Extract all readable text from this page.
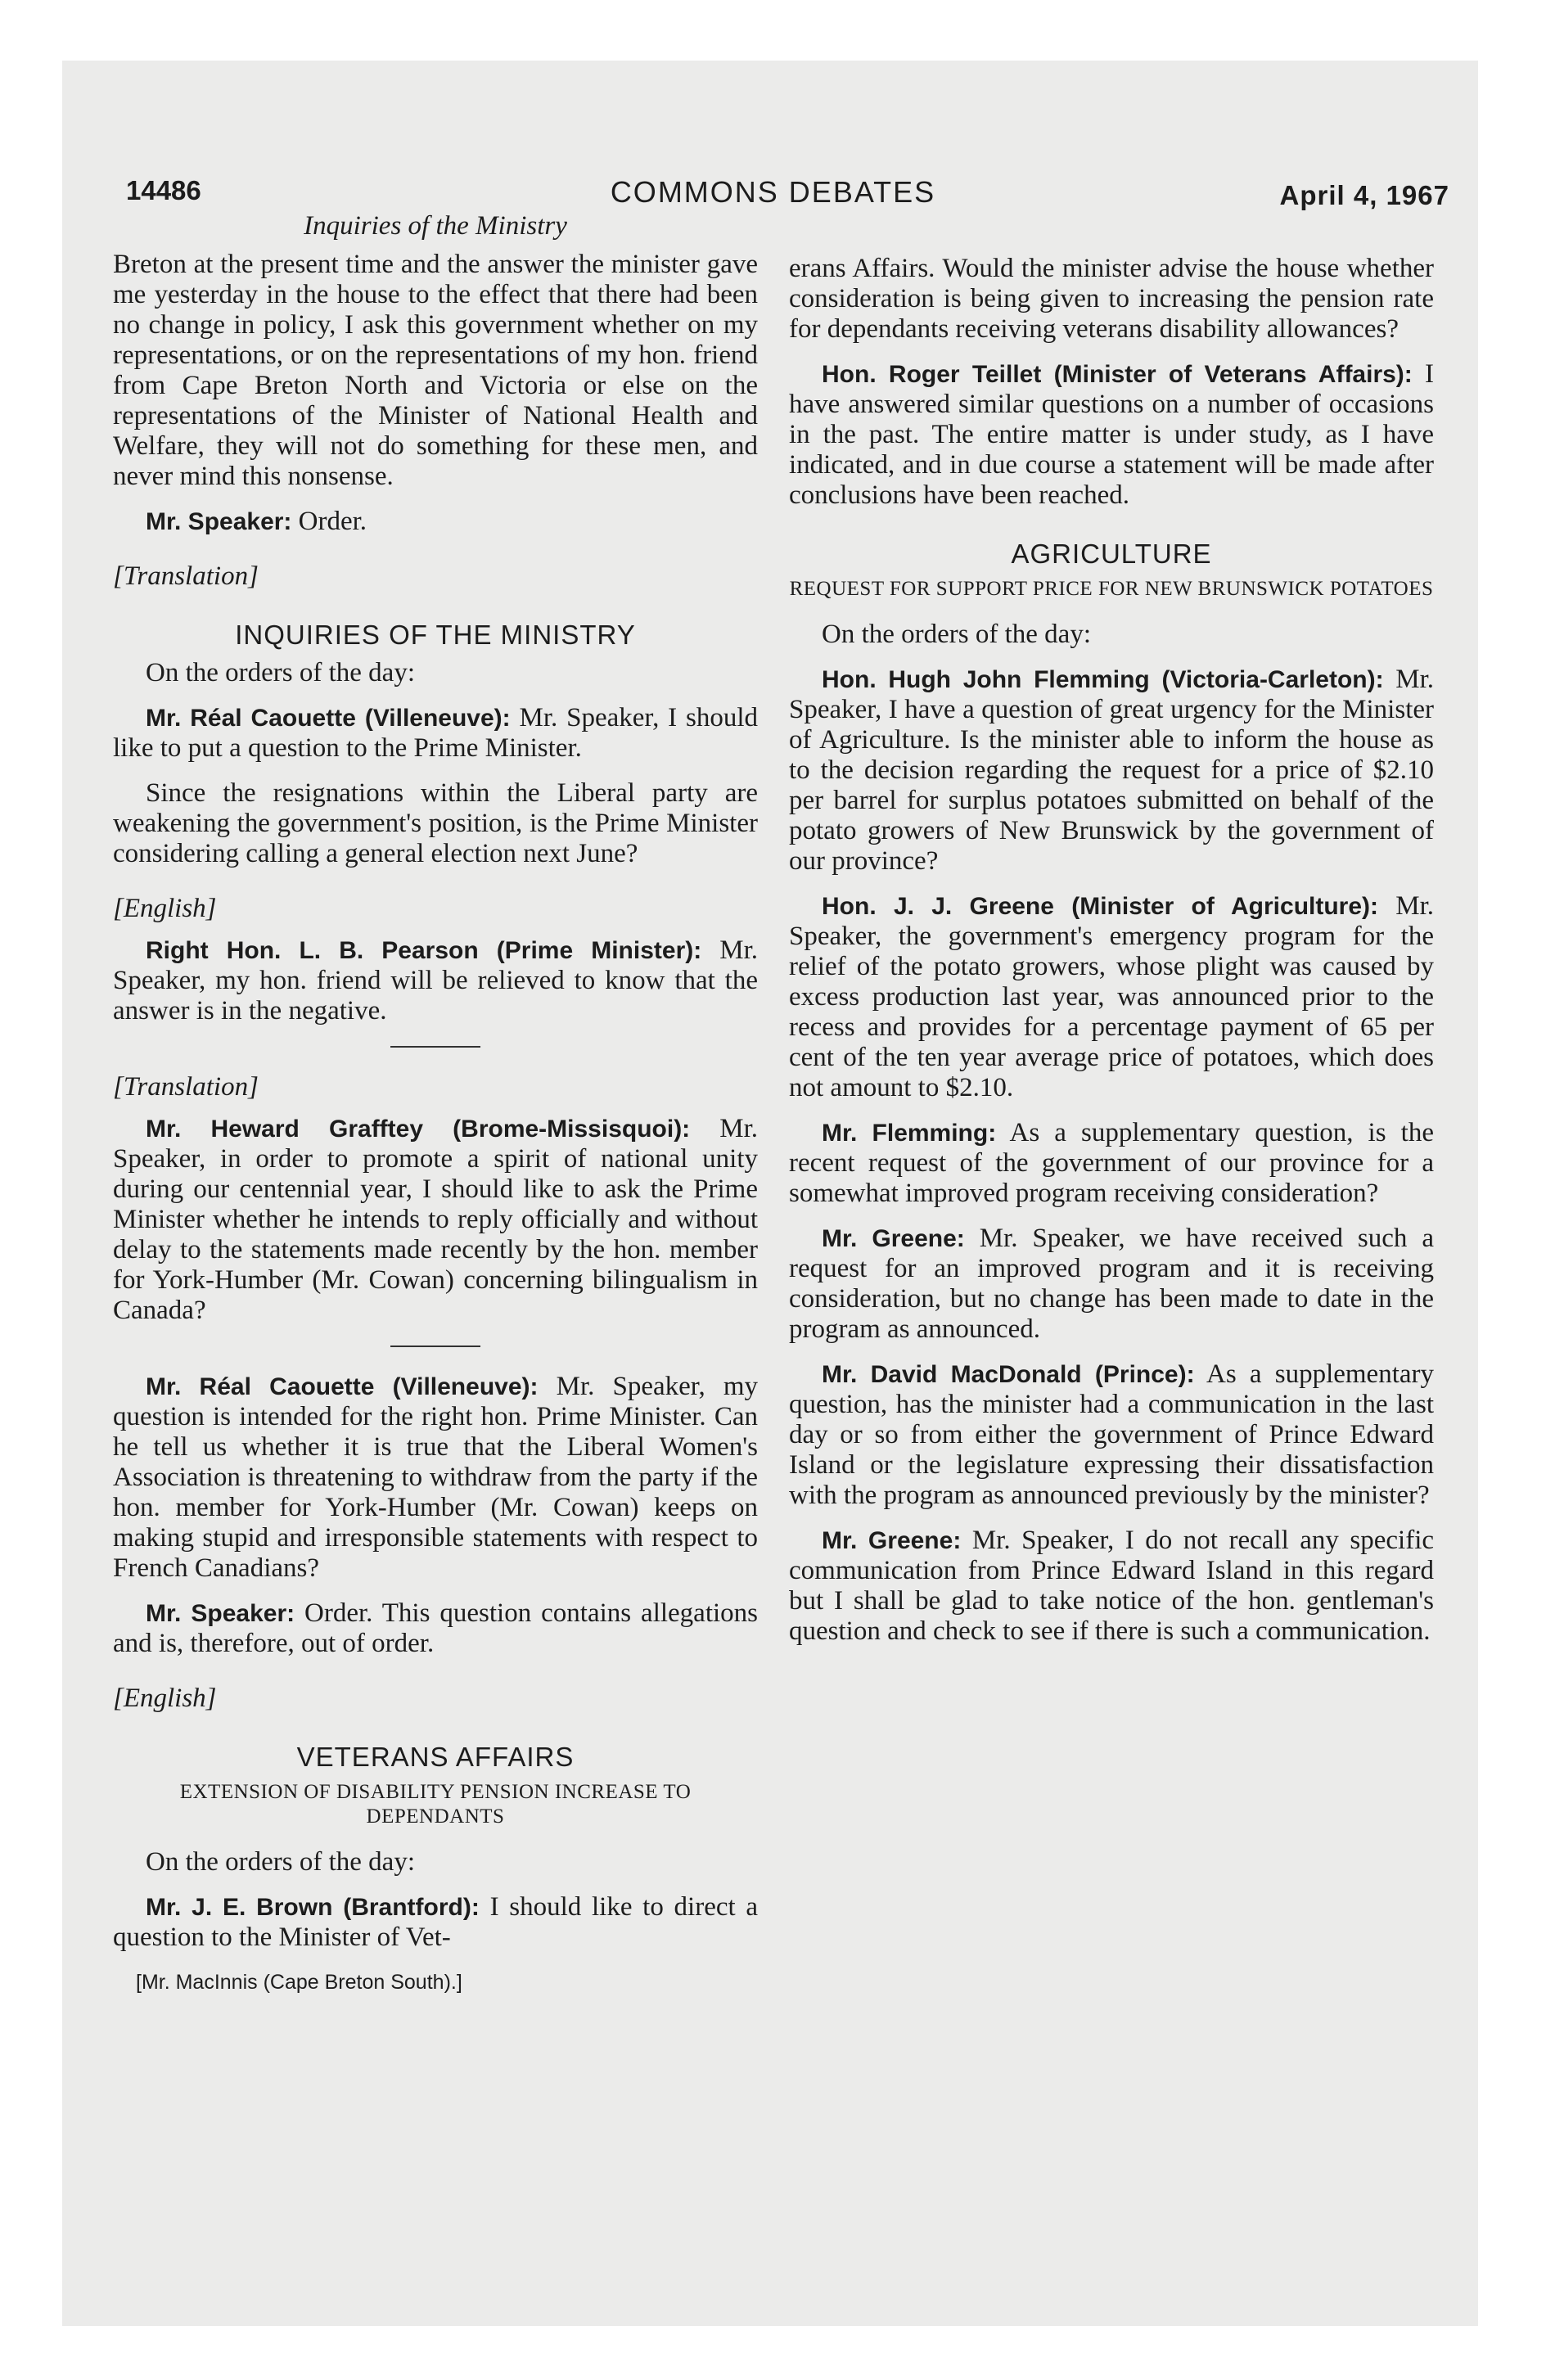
14486	COMMONS DEBATES	April 4, 1967
Inquiries of the Ministry

Breton at the present time and the answer the minister gave me yesterday in the house to the effect that there had been no change in policy, I ask this government whether on my representations, or on the representations of my hon. friend from Cape Breton North and Victoria or else on the representations of the Minister of National Health and Welfare, they will not do something for these men, and never mind this nonsense.

Mr. Speaker: Order.

[Translation]
INQUIRIES OF THE MINISTRY

On the orders of the day:

Mr. Réal Caouette (Villeneuve): Mr. Speaker, I should like to put a question to the Prime Minister.

Since the resignations within the Liberal party are weakening the government's position, is the Prime Minister considering calling a general election next June?

[English]

Right Hon. L. B. Pearson (Prime Minister): Mr. Speaker, my hon. friend will be relieved to know that the answer is in the negative.

[Translation]

Mr. Heward Grafftey (Brome-Missisquoi): Mr. Speaker, in order to promote a spirit of national unity during our centennial year, I should like to ask the Prime Minister whether he intends to reply officially and without delay to the statements made recently by the hon. member for York-Humber (Mr. Cowan) concerning bilingualism in Canada?

Mr. Réal Caouette (Villeneuve): Mr. Speaker, my question is intended for the right hon. Prime Minister. Can he tell us whether it is true that the Liberal Women's Association is threatening to withdraw from the party if the hon. member for York-Humber (Mr. Cowan) keeps on making stupid and irresponsible statements with respect to French Canadians?

Mr. Speaker: Order. This question contains allegations and is, therefore, out of order.

[English]
VETERANS AFFAIRS
EXTENSION OF DISABILITY PENSION INCREASE TO DEPENDANTS

On the orders of the day:

Mr. J. E. Brown (Brantford): I should like to direct a question to the Minister of Vet-

[Mr. MacInnis (Cape Breton South).]

erans Affairs. Would the minister advise the house whether consideration is being given to increasing the pension rate for dependants receiving veterans disability allowances?

Hon. Roger Teillet (Minister of Veterans Affairs): I have answered similar questions on a number of occasions in the past. The entire matter is under study, as I have indicated, and in due course a statement will be made after conclusions have been reached.

AGRICULTURE
REQUEST FOR SUPPORT PRICE FOR NEW BRUNSWICK POTATOES

On the orders of the day:

Hon. Hugh John Flemming (Victoria-Carleton): Mr. Speaker, I have a question of great urgency for the Minister of Agriculture. Is the minister able to inform the house as to the decision regarding the request for a price of $2.10 per barrel for surplus potatoes submitted on behalf of the potato growers of New Brunswick by the government of our province?

Hon. J. J. Greene (Minister of Agriculture): Mr. Speaker, the government's emergency program for the relief of the potato growers, whose plight was caused by excess production last year, was announced prior to the recess and provides for a percentage payment of 65 per cent of the ten year average price of potatoes, which does not amount to $2.10.

Mr. Flemming: As a supplementary question, is the recent request of the government of our province for a somewhat improved program receiving consideration?

Mr. Greene: Mr. Speaker, we have received such a request for an improved program and it is receiving consideration, but no change has been made to date in the program as announced.

Mr. David MacDonald (Prince): As a supplementary question, has the minister had a communication in the last day or so from either the government of Prince Edward Island or the legislature expressing their dissatisfaction with the program as announced previously by the minister?

Mr. Greene: Mr. Speaker, I do not recall any specific communication from Prince Edward Island in this regard but I shall be glad to take notice of the hon. gentleman's question and check to see if there is such a communication.
